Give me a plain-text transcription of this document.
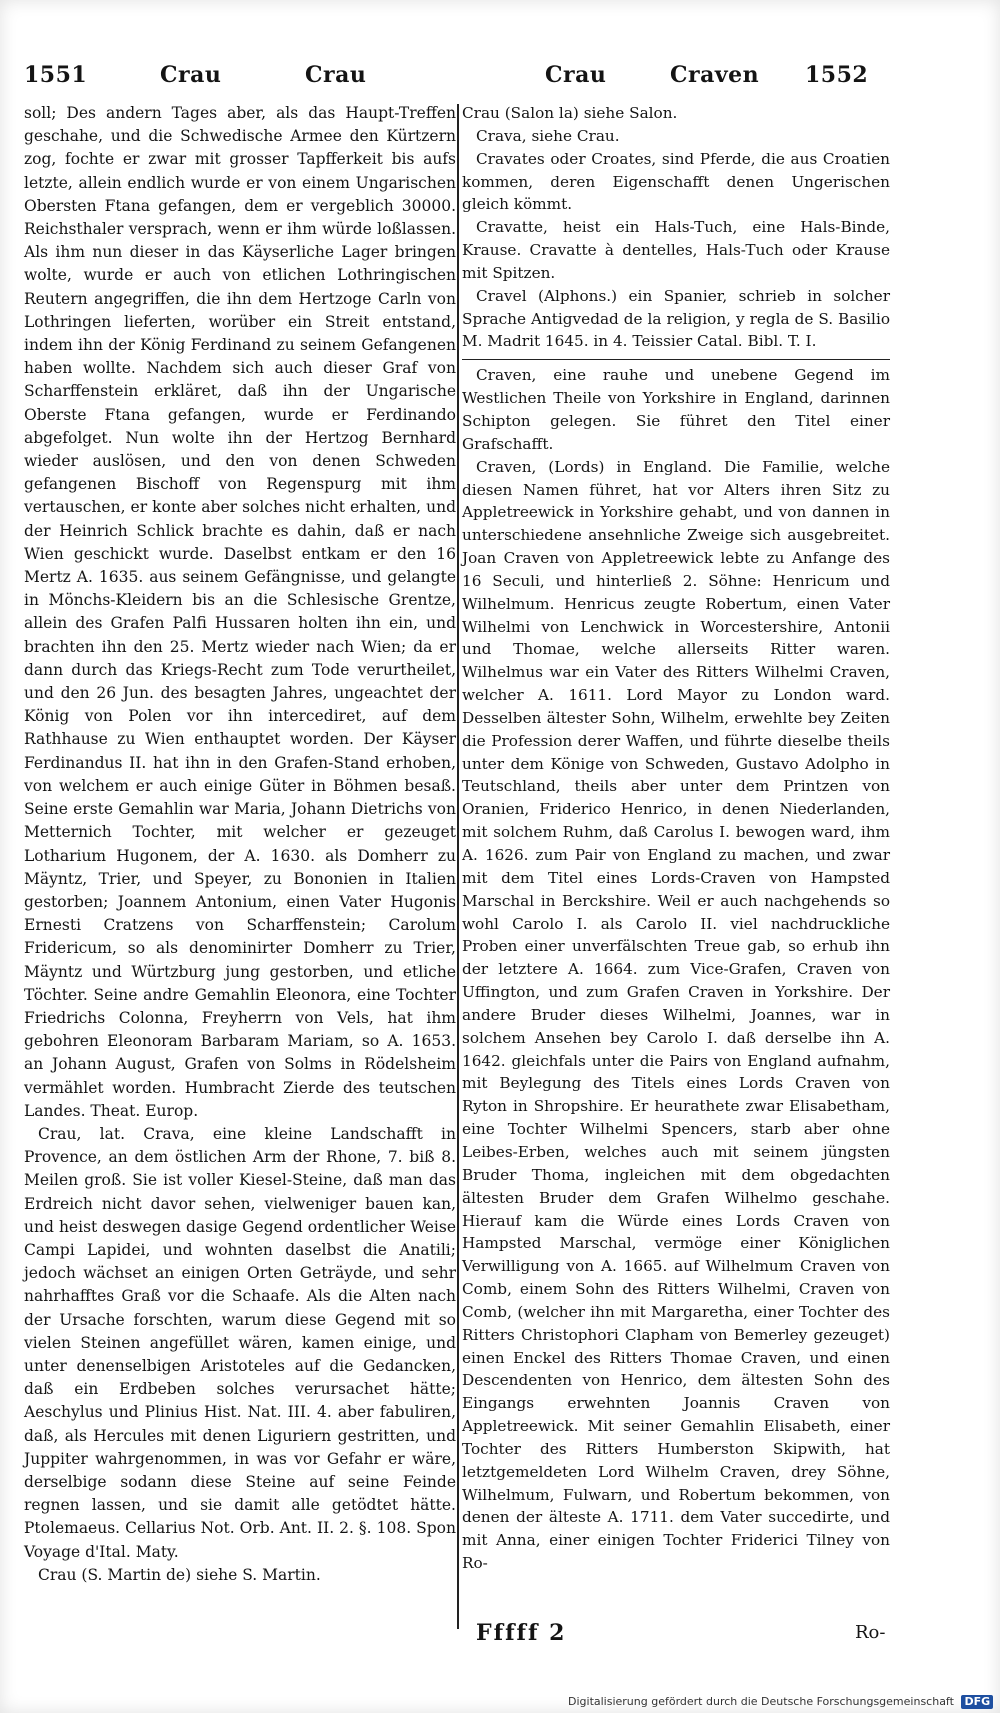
1551	Crau	Crau	Crau	Craven 1552

soll; Des andern Tages aber, als das Haupt-Treffen geschahe, und die Schwedische Armee den Kürtzern zog, fochte er zwar mit grosser Tapfferkeit bis aufs letzte, allein endlich wurde er von einem Ungarischen Obersten Ftana gefangen, dem er vergeblich 30000. Reichsthaler versprach, wenn er ihm würde loßlassen. Als ihm nun dieser in das Käyserliche Lager bringen wolte, wurde er auch von etlichen Lothringischen Reutern angegriffen, die ihn dem Hertzoge Carln von Lothringen lieferten, worüber ein Streit entstand, indem ihn der König Ferdinand zu seinem Gefangenen haben wollte. Nachdem sich auch dieser Graf von Scharffenstein erkläret, daß ihn der Ungarische Oberste Ftana gefangen, wurde er Ferdinando abgefolget. Nun wolte ihn der Hertzog Bernhard wieder auslösen, und den von denen Schweden gefangenen Bischoff von Regenspurg mit ihm vertauschen, er konte aber solches nicht erhalten, und der Heinrich Schlick brachte es dahin, daß er nach Wien geschickt wurde. Daselbst entkam er den 16 Mertz A. 1635. aus seinem Gefängnisse, und gelangte in Mönchs-Kleidern bis an die Schlesische Grentze, allein des Grafen Palfi Hussaren holten ihn ein, und brachten ihn den 25. Mertz wieder nach Wien; da er dann durch das Kriegs-Recht zum Tode verurtheilet, und den 26 Jun. des besagten Jahres, ungeachtet der König von Polen vor ihn intercediret, auf dem Rathhause zu Wien enthauptet worden. Der Käyser Ferdinandus II. hat ihn in den Grafen-Stand erhoben, von welchem er auch einige Güter in Böhmen besaß. Seine erste Gemahlin war Maria, Johann Dietrichs von Metternich Tochter, mit welcher er gezeuget Lotharium Hugonem, der A. 1630. als Domherr zu Mäyntz, Trier, und Speyer, zu Bononien in Italien gestorben; Joannem Antonium, einen Vater Hugonis Ernesti Cratzens von Scharffenstein; Carolum Fridericum, so als denominirter Domherr zu Trier, Mäyntz und Würtzburg jung gestorben, und etliche Töchter. Seine andre Gemahlin Eleonora, eine Tochter Friedrichs Colonna, Freyherrn von Vels, hat ihm gebohren Eleonoram Barbaram Mariam, so A. 1653. an Johann August, Grafen von Solms in Rödelsheim vermählet worden. Humbracht Zierde des teutschen Landes. Theat. Europ.

Crau, lat. Crava, eine kleine Landschafft in Provence, an dem östlichen Arm der Rhone, 7. biß 8. Meilen groß. Sie ist voller Kiesel-Steine, daß man das Erdreich nicht davor sehen, vielweniger bauen kan, und heist deswegen dasige Gegend ordentlicher Weise Campi Lapidei, und wohnten daselbst die Anatili; jedoch wächset an einigen Orten Geträyde, und sehr nahrhafftes Graß vor die Schaafe. Als die Alten nach der Ursache forschten, warum diese Gegend mit so vielen Steinen angefüllet wären, kamen einige, und unter denenselbigen Aristoteles auf die Gedancken, daß ein Erdbeben solches verursachet hätte; Aeschylus und Plinius Hist. Nat. III. 4. aber fabuliren, daß, als Hercules mit denen Liguriern gestritten, und Juppiter wahrgenommen, in was vor Gefahr er wäre, derselbige sodann diese Steine auf seine Feinde regnen lassen, und sie damit alle getödtet hätte. Ptolemaeus. Cellarius Not. Orb. Ant. II. 2. §. 108. Spon Voyage d'Ital. Maty.

Crau (S. Martin de) siehe S. Martin.

Crau (Salon la) siehe Salon.

Crava, siehe Crau.

Cravates oder Croates, sind Pferde, die aus Croatien kommen, deren Eigenschafft denen Ungerischen gleich kömmt.

Cravatte, heist ein Hals-Tuch, eine Hals-Binde, Krause. Cravatte à dentelles, Hals-Tuch oder Krause mit Spitzen.

Cravel (Alphons.) ein Spanier, schrieb in solcher Sprache Antigvedad de la religion, y regla de S. Basilio M. Madrit 1645. in 4. Teissier Catal. Bibl. T. I.

Craven, eine rauhe und unebene Gegend im Westlichen Theile von Yorkshire in England, darinnen Schipton gelegen. Sie führet den Titel einer Grafschafft.

Craven, (Lords) in England. Die Familie, welche diesen Namen führet, hat vor Alters ihren Sitz zu Appletreewick in Yorkshire gehabt, und von dannen in unterschiedene ansehnliche Zweige sich ausgebreitet. Joan Craven von Appletreewick lebte zu Anfange des 16 Seculi, und hinterließ 2. Söhne: Henricum und Wilhelmum. Henricus zeugte Robertum, einen Vater Wilhelmi von Lenchwick in Worcestershire, Antonii und Thomae, welche allerseits Ritter waren. Wilhelmus war ein Vater des Ritters Wilhelmi Craven, welcher A. 1611. Lord Mayor zu London ward. Desselben ältester Sohn, Wilhelm, erwehlte bey Zeiten die Profession derer Waffen, und führte dieselbe theils unter dem Könige von Schweden, Gustavo Adolpho in Teutschland, theils aber unter dem Printzen von Oranien, Friderico Henrico, in denen Niederlanden, mit solchem Ruhm, daß Carolus I. bewogen ward, ihm A. 1626. zum Pair von England zu machen, und zwar mit dem Titel eines Lords-Craven von Hampsted Marschal in Berckshire. Weil er auch nachgehends so wohl Carolo I. als Carolo II. viel nachdruckliche Proben einer unverfälschten Treue gab, so erhub ihn der letztere A. 1664. zum Vice-Grafen, Craven von Uffington, und zum Grafen Craven in Yorkshire. Der andere Bruder dieses Wilhelmi, Joannes, war in solchem Ansehen bey Carolo I. daß derselbe ihn A. 1642. gleichfals unter die Pairs von England aufnahm, mit Beylegung des Titels eines Lords Craven von Ryton in Shropshire. Er heurathete zwar Elisabetham, eine Tochter Wilhelmi Spencers, starb aber ohne Leibes-Erben, welches auch mit seinem jüngsten Bruder Thoma, ingleichen mit dem obgedachten ältesten Bruder dem Grafen Wilhelmo geschahe. Hierauf kam die Würde eines Lords Craven von Hampsted Marschal, vermöge einer Königlichen Verwilligung von A. 1665. auf Wilhelmum Craven von Comb, einem Sohn des Ritters Wilhelmi, Craven von Comb, (welcher ihn mit Margaretha, einer Tochter des Ritters Christophori Clapham von Bemerley gezeuget) einen Enckel des Ritters Thomae Craven, und einen Descendenten von Henrico, dem ältesten Sohn des Eingangs erwehnten Joannis Craven von Appletreewick. Mit seiner Gemahlin Elisabeth, einer Tochter des Ritters Humberston Skipwith, hat letztgemeldeten Lord Wilhelm Craven, drey Söhne, Wilhelmum, Fulwarn, und Robertum bekommen, von denen der älteste A. 1711. dem Vater succedirte, und mit Anna, einer einigen Tochter Friderici Tilney von Ro-

Fffff 2	Ro-
Digitalisierung gefördert durch die Deutsche Forschungsgemeinschaft DFG
